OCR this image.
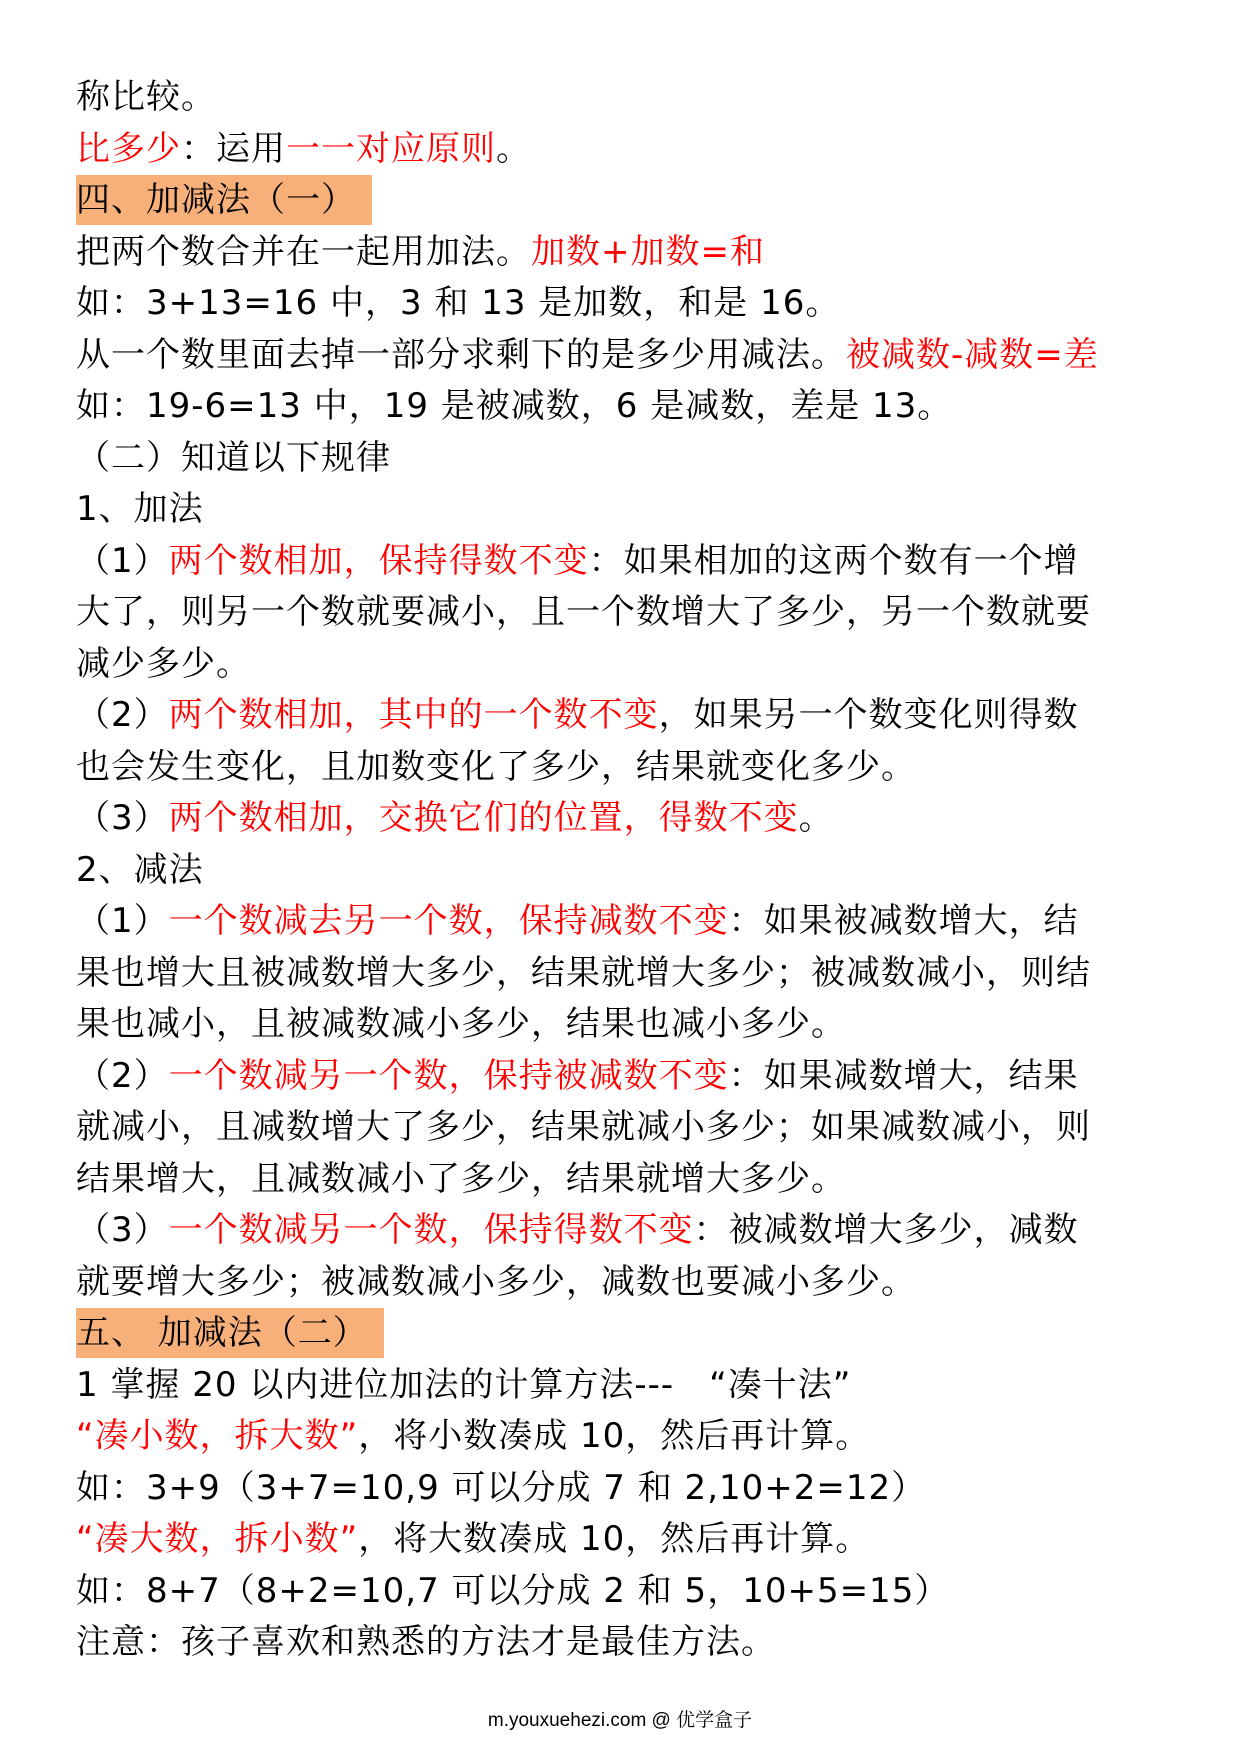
称比较。
比多少：运用一一对应原则。
四、加减法（一）
把两个数合并在一起用加法。加数+加数=和
如：3+13=16 中，3 和 13 是加数，和是 16。
从一个数里面去掉一部分求剩下的是多少用减法。被减数-减数=差
如：19-6=13 中，19 是被减数，6 是减数，差是 13。
（二）知道以下规律
1、加法
（1）两个数相加，保持得数不变：如果相加的这两个数有一个增
大了，则另一个数就要减小，且一个数增大了多少，另一个数就要
减少多少。
（2）两个数相加，其中的一个数不变，如果另一个数变化则得数
也会发生变化，且加数变化了多少，结果就变化多少。
（3）两个数相加，交换它们的位置，得数不变。
2、减法
（1）一个数减去另一个数，保持减数不变：如果被减数增大，结
果也增大且被减数增大多少，结果就增大多少；被减数减小，则结
果也减小，且被减数减小多少，结果也减小多少。
（2）一个数减另一个数，保持被减数不变：如果减数增大，结果
就减小，且减数增大了多少，结果就减小多少；如果减数减小，则
结果增大，且减数减小了多少，结果就增大多少。
（3）一个数减另一个数，保持得数不变：被减数增大多少，减数
就要增大多少；被减数减小多少，减数也要减小多少。
五、 加减法（二）
1 掌握 20 以内进位加法的计算方法---　“凑十法”
“凑小数，拆大数”，将小数凑成 10，然后再计算。
如：3+9（3+7=10,9 可以分成 7 和 2,10+2=12）
“凑大数，拆小数”，将大数凑成 10，然后再计算。
如：8+7（8+2=10,7 可以分成 2 和 5，10+5=15）
注意：孩子喜欢和熟悉的方法才是最佳方法。
m.youxuehezi.com @ 优学盒子
